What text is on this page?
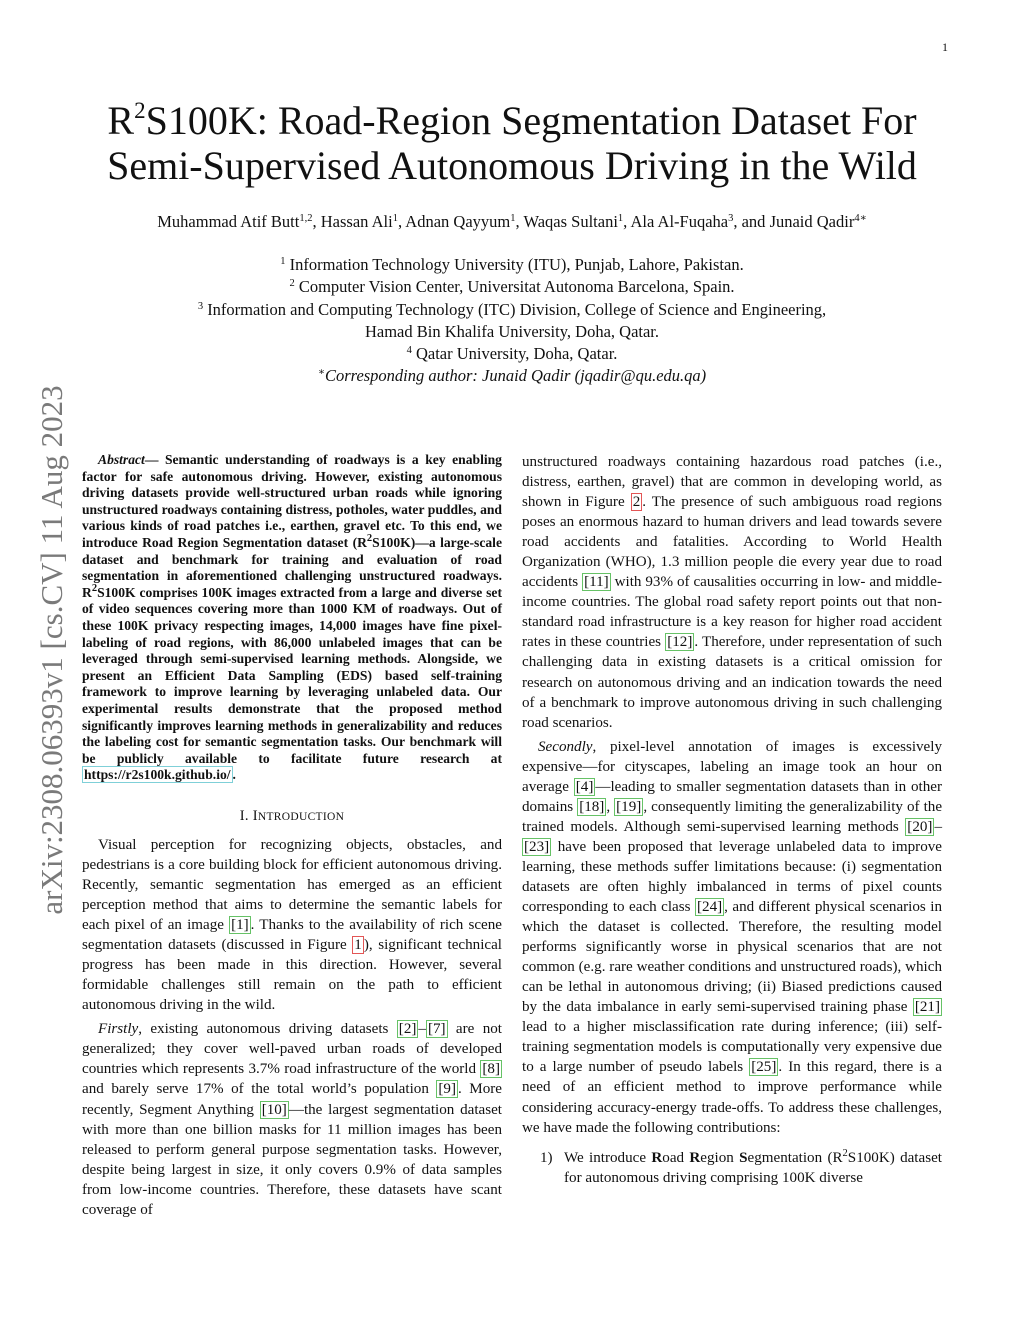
1
arXiv:2308.06393v1 [cs.CV] 11 Aug 2023
$R^2S100K$: Road-Region Segmentation Dataset For
Semi-Supervised Autonomous Driving in the Wild
Muhammad Atif Butt$^{1,2}$, Hassan Ali$^1$, Adnan Qayyum$^1$, Waqas Sultani$^1$, Ala Al-Fuqaha$^3$, and Junaid Qadir$^{4∗}$
$^1$ Information Technology University (ITU), Punjab, Lahore, Pakistan.
$^2$ Computer Vision Center, Universitat Autonoma Barcelona, Spain.
$^3$ Information and Computing Technology (ITC) Division, College of Science and Engineering,
Hamad Bin Khalifa University, Doha, Qatar.
$^4$ Qatar University, Doha, Qatar.
∗Corresponding author: Junaid Qadir (jqadir@qu.edu.qa)

Abstract— Semantic understanding of roadways is a key enabling factor for safe autonomous driving. However, existing autonomous driving datasets provide well-structured urban roads while ignoring unstructured roadways containing distress, potholes, water puddles, and various kinds of road patches i.e., earthen, gravel etc. To this end, we introduce Road Region Segmentation dataset $(R^2S100K)—a$ large-scale dataset and benchmark for training and evaluation of road segmentation in aforementioned challenging unstructured roadways. $R^2S100K$ comprises 100K images extracted from a large and diverse set of video sequences covering more than 1000 KM of roadways. Out of these 100K privacy respecting images, 14,000 images have fine pixel-labeling of road regions, with 86,000 unlabeled images that can be leveraged through semi-supervised learning methods. Alongside, we present an Efficient Data Sampling (EDS) based self-training framework to improve learning by leveraging unlabeled data. Our experimental results demonstrate that the proposed method significantly improves learning methods in generalizability and reduces the labeling cost for semantic segmentation tasks. Our benchmark will be publicly available to facilitate future research at https://r2s100k.github.io/ .

I. INTRODUCTION

Visual perception for recognizing objects, obstacles, and pedestrians is a core building block for efficient autonomous driving. Recently, semantic segmentation has emerged as an efficient perception method that aims to determine the semantic labels for each pixel of an image [1] . Thanks to the availability of rich scene segmentation datasets (discussed in Figure 1 ), significant technical progress has been made in this direction. However, several formidable challenges still remain on the path to efficient autonomous driving in the wild.

Firstly, existing autonomous driving datasets [2] – [7] are not generalized; they cover well-paved urban roads of developed countries which represents 3.7% road infrastructure of the world [8] and barely serve 17% of the total world’s population [9] . More recently, Segment Anything [10] —the largest segmentation dataset with more than one billion masks for 11 million images has been released to perform general purpose segmentation tasks. However, despite being largest in size, it only covers 0.9% of data samples from low-income countries. Therefore, these datasets have scant coverage of

unstructured roadways containing hazardous road patches (i.e., distress, earthen, gravel) that are common in developing world, as shown in Figure 2 . The presence of such ambiguous road regions poses an enormous hazard to human drivers and lead towards severe road accidents and fatalities. According to World Health Organization (WHO), 1.3 million people die every year due to road accidents [11] with 93% of causalities occurring in low- and middle-income countries. The global road safety report points out that non-standard road infrastructure is a key reason for higher road accident rates in these countries [12] . Therefore, under representation of such challenging data in existing datasets is a critical omission for research on autonomous driving and an indication towards the need of a benchmark to improve autonomous driving in such challenging road scenarios.

Secondly, pixel-level annotation of images is excessively expensive—for cityscapes, labeling an image took an hour on average [4] —leading to smaller segmentation datasets than in other domains [18] , [19] , consequently limiting the generalizability of the trained models. Although semi-supervised learning methods [20] –[23] have been proposed that leverage unlabeled data to improve learning, these methods suffer limitations because: (i) segmentation datasets are often highly imbalanced in terms of pixel counts corresponding to each class [24] , and different physical scenarios in which the dataset is collected. Therefore, the resulting model performs significantly worse in physical scenarios that are not common (e.g. rare weather conditions and unstructured roads), which can be lethal in autonomous driving; (ii) Biased predictions caused by the data imbalance in early semi-supervised training phase [21] lead to a higher misclassification rate during inference; (iii) self-training segmentation models is computationally very expensive due to a large number of pseudo labels [25] . In this regard, there is a need of an efficient method to improve performance while considering accuracy-energy trade-offs. To address these challenges, we have made the following contributions:

1) We introduce Road Region Segmentation $(R^2S100K)$ dataset for autonomous driving comprising 100K diverse
